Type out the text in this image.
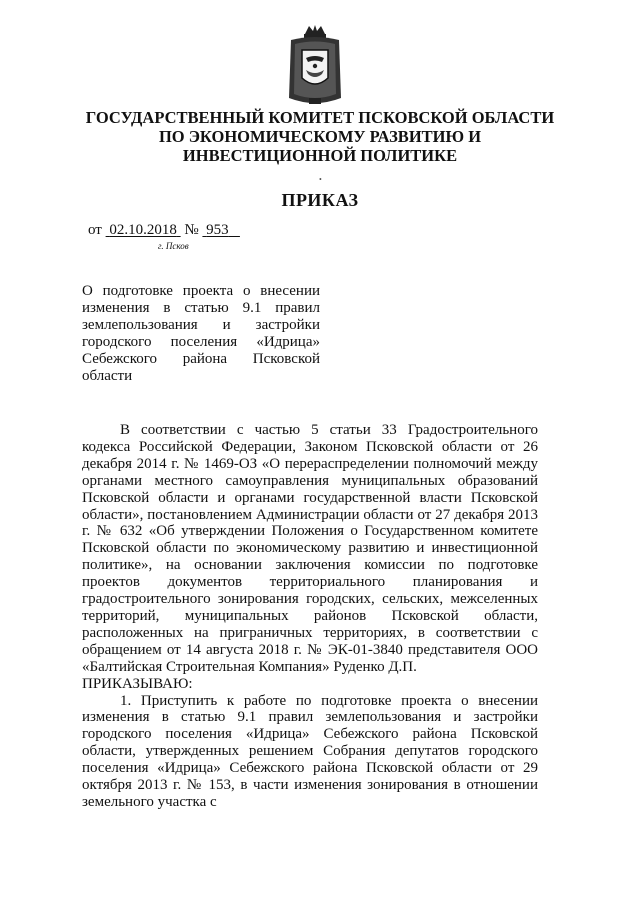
ГОСУДАРСТВЕННЫЙ КОМИТЕТ ПСКОВСКОЙ ОБЛАСТИ
ПО ЭКОНОМИЧЕСКОМУ РАЗВИТИЮ И
ИНВЕСТИЦИОННОЙ ПОЛИТИКЕ
•
ПРИКАЗ
от 02.10.2018 № 953
г. Псков
О подготовке проекта о внесении изменения в статью 9.1 правил землепользования и застройки городского поселения «Идрица» Себежского района Псковской области

В соответствии с частью 5 статьи 33 Градостроительного кодекса Российской Федерации, Законом Псковской области от 26 декабря 2014 г. № 1469-ОЗ «О перераспределении полномочий между органами местного самоуправления муниципальных образований Псковской области и органами государственной власти Псковской области», постановлением Администрации области от 27 декабря 2013 г. № 632 «Об утверждении Положения о Государственном комитете Псковской области по экономическому развитию и инвестиционной политике», на основании заключения комиссии по подготовке проектов документов территориального планирования и градостроительного зонирования городских, сельских, межселенных территорий, муниципальных районов Псковской области, расположенных на приграничных территориях, в соответствии с обращением от 14 августа 2018 г. № ЭК-01-3840 представителя ООО «Балтийская Строительная Компания» Руденко Д.П.

ПРИКАЗЫВАЮ:

1. Приступить к работе по подготовке проекта о внесении изменения в статью 9.1 правил землепользования и застройки городского поселения «Идрица» Себежского района Псковской области, утвержденных решением Собрания депутатов городского поселения «Идрица» Себежского района Псковской области от 29 октября 2013 г. № 153, в части изменения зонирования в отношении земельного участка с
